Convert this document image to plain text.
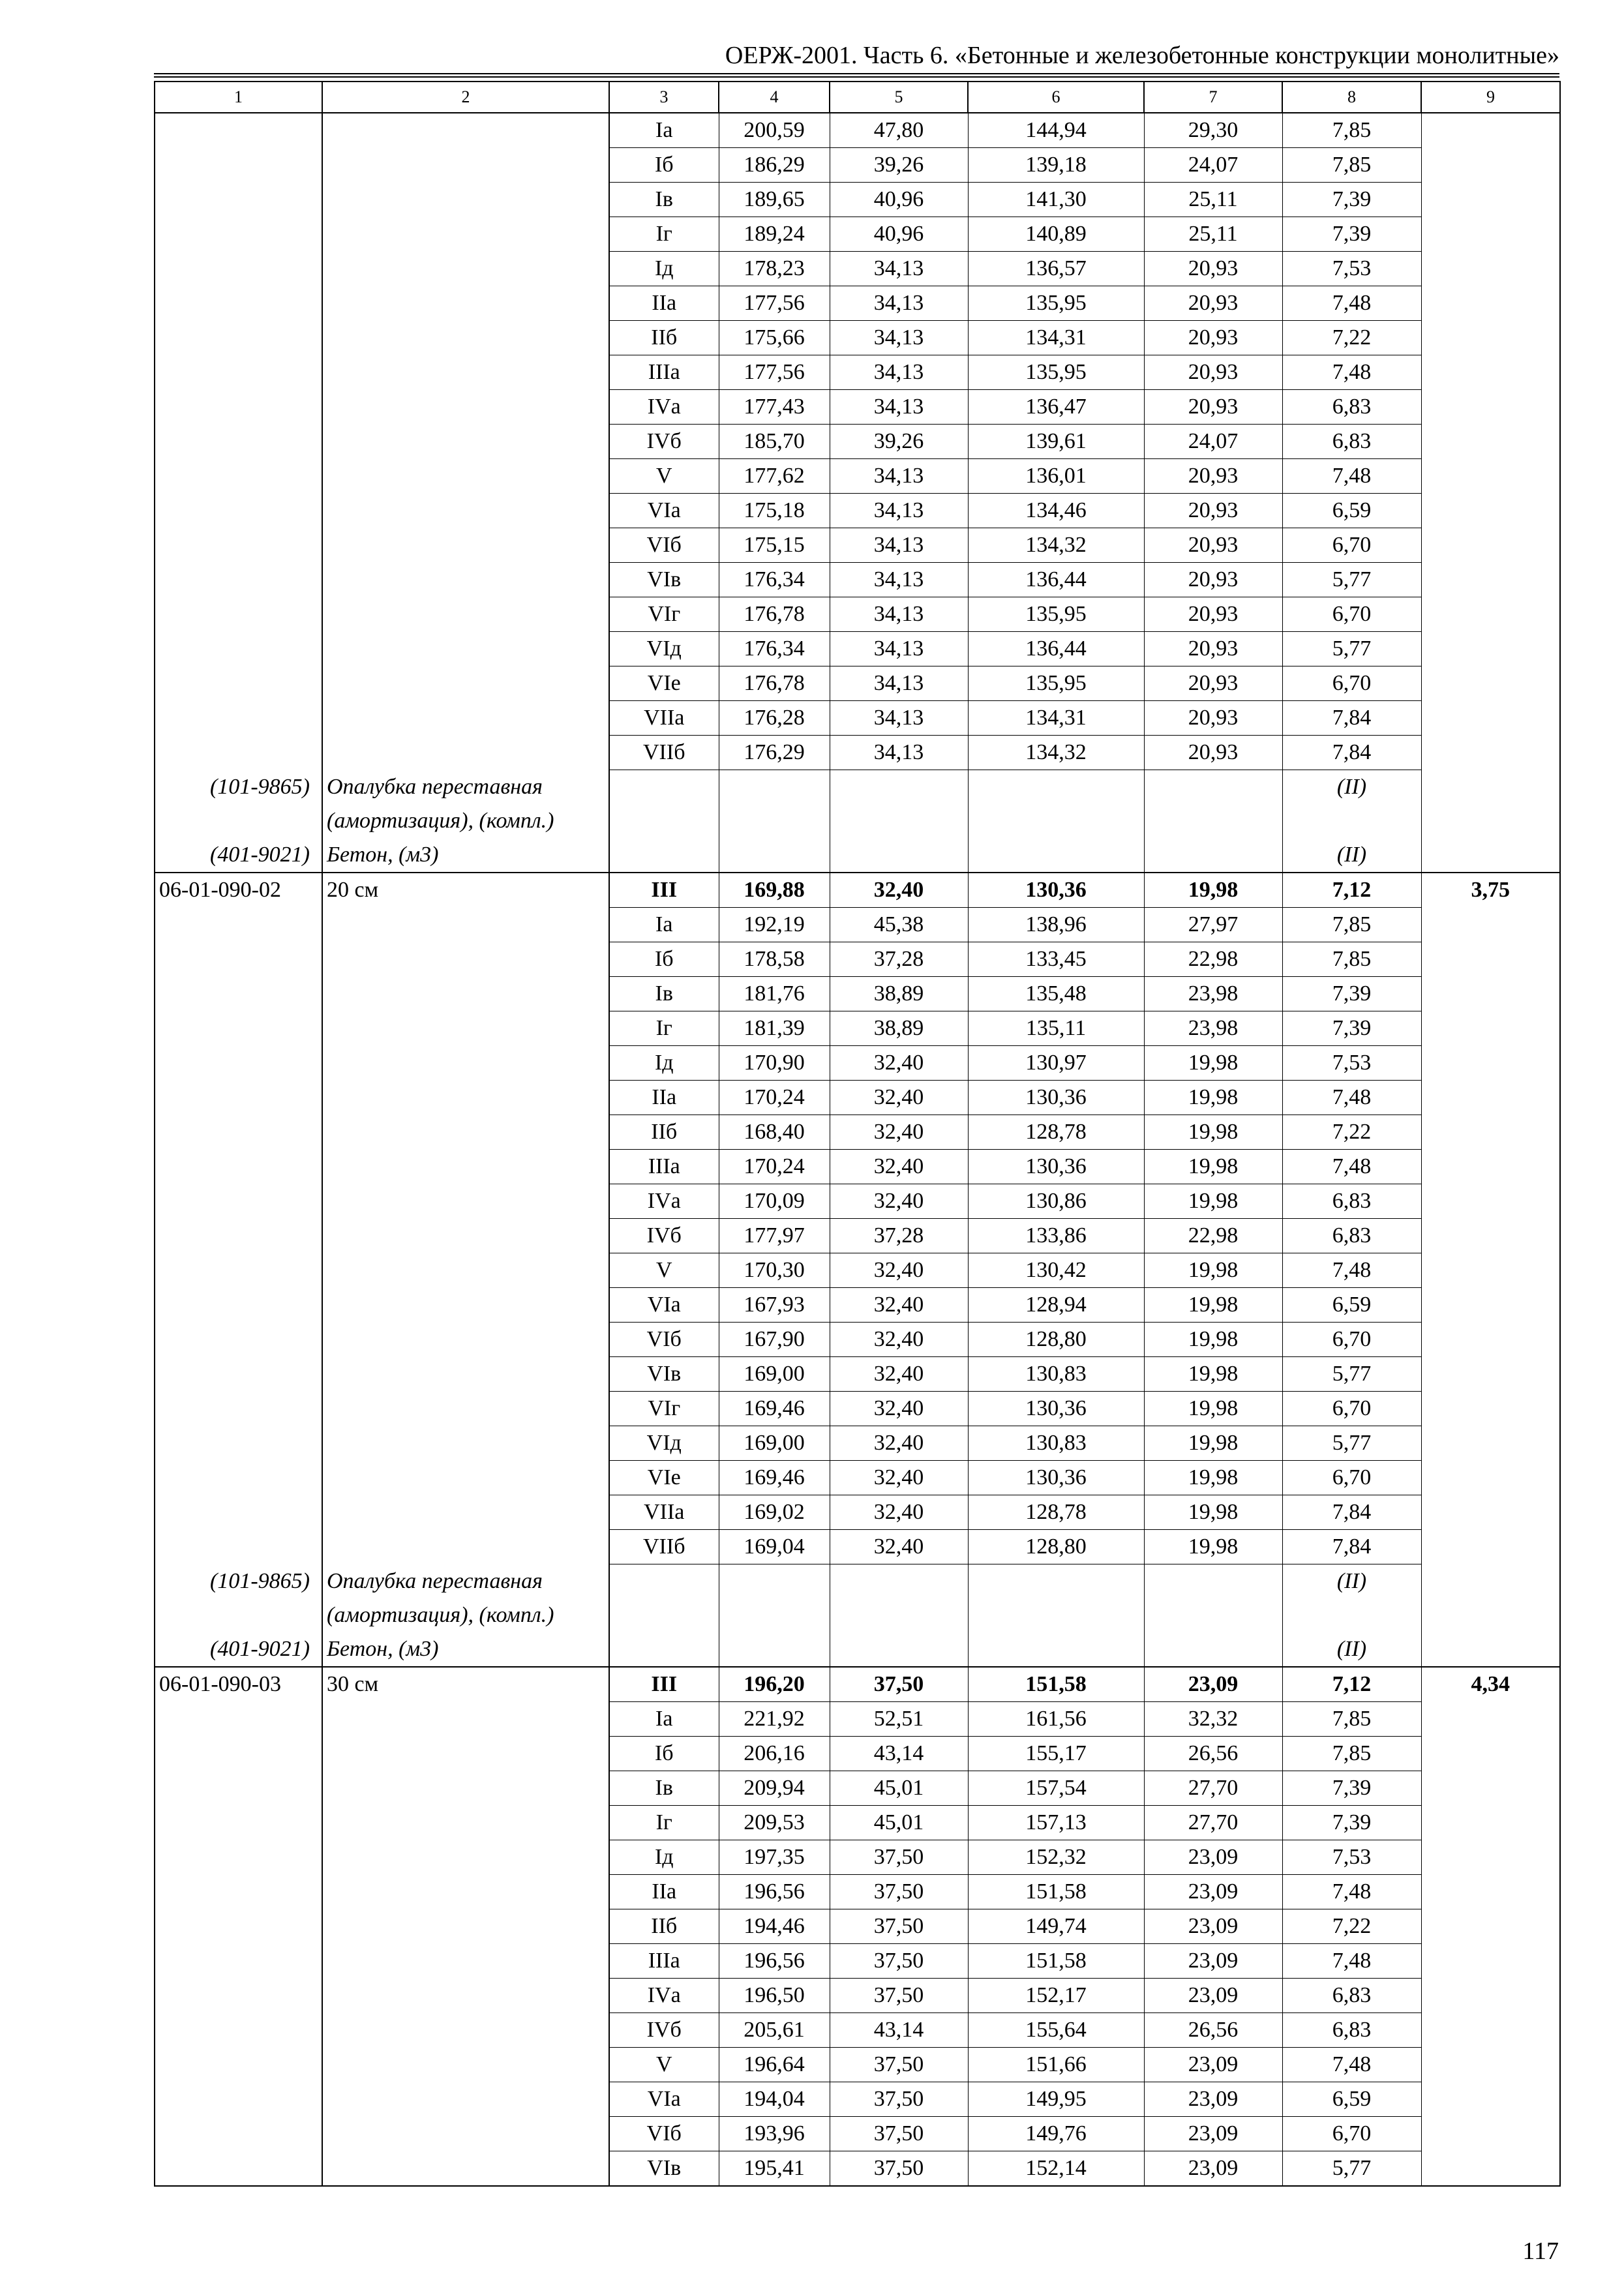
ОЕРЖ-2001. Часть 6. «Бетонные и железобетонные конструкции монолитные»
1	2	3	4	5	6	7	8	9
		Iа	200,59	47,80	144,94	29,30	7,85	
		Iб	186,29	39,26	139,18	24,07	7,85	
		Iв	189,65	40,96	141,30	25,11	7,39	
		Iг	189,24	40,96	140,89	25,11	7,39	
		Iд	178,23	34,13	136,57	20,93	7,53	
		IIа	177,56	34,13	135,95	20,93	7,48	
		IIб	175,66	34,13	134,31	20,93	7,22	
		IIIа	177,56	34,13	135,95	20,93	7,48	
		IVа	177,43	34,13	136,47	20,93	6,83	
		IVб	185,70	39,26	139,61	24,07	6,83	
		V	177,62	34,13	136,01	20,93	7,48	
		VIа	175,18	34,13	134,46	20,93	6,59	
		VIб	175,15	34,13	134,32	20,93	6,70	
		VIв	176,34	34,13	136,44	20,93	5,77	
		VIг	176,78	34,13	135,95	20,93	6,70	
		VIд	176,34	34,13	136,44	20,93	5,77	
		VIе	176,78	34,13	135,95	20,93	6,70	
		VIIа	176,28	34,13	134,31	20,93	7,84	
		VIIб	176,29	34,13	134,32	20,93	7,84	
(101-9865)	Опалубка переставная						(II)	
	(амортизация), (компл.)							
(401-9021)	Бетон, (м3)						(II)	
06-01-090-02	20 см	III	169,88	32,40	130,36	19,98	7,12	3,75
		Iа	192,19	45,38	138,96	27,97	7,85	
		Iб	178,58	37,28	133,45	22,98	7,85	
		Iв	181,76	38,89	135,48	23,98	7,39	
		Iг	181,39	38,89	135,11	23,98	7,39	
		Iд	170,90	32,40	130,97	19,98	7,53	
		IIа	170,24	32,40	130,36	19,98	7,48	
		IIб	168,40	32,40	128,78	19,98	7,22	
		IIIа	170,24	32,40	130,36	19,98	7,48	
		IVа	170,09	32,40	130,86	19,98	6,83	
		IVб	177,97	37,28	133,86	22,98	6,83	
		V	170,30	32,40	130,42	19,98	7,48	
		VIа	167,93	32,40	128,94	19,98	6,59	
		VIб	167,90	32,40	128,80	19,98	6,70	
		VIв	169,00	32,40	130,83	19,98	5,77	
		VIг	169,46	32,40	130,36	19,98	6,70	
		VIд	169,00	32,40	130,83	19,98	5,77	
		VIе	169,46	32,40	130,36	19,98	6,70	
		VIIа	169,02	32,40	128,78	19,98	7,84	
		VIIб	169,04	32,40	128,80	19,98	7,84	
(101-9865)	Опалубка переставная						(II)	
	(амортизация), (компл.)							
(401-9021)	Бетон, (м3)						(II)	
06-01-090-03	30 см	III	196,20	37,50	151,58	23,09	7,12	4,34
		Iа	221,92	52,51	161,56	32,32	7,85	
		Iб	206,16	43,14	155,17	26,56	7,85	
		Iв	209,94	45,01	157,54	27,70	7,39	
		Iг	209,53	45,01	157,13	27,70	7,39	
		Iд	197,35	37,50	152,32	23,09	7,53	
		IIа	196,56	37,50	151,58	23,09	7,48	
		IIб	194,46	37,50	149,74	23,09	7,22	
		IIIа	196,56	37,50	151,58	23,09	7,48	
		IVа	196,50	37,50	152,17	23,09	6,83	
		IVб	205,61	43,14	155,64	26,56	6,83	
		V	196,64	37,50	151,66	23,09	7,48	
		VIа	194,04	37,50	149,95	23,09	6,59	
		VIб	193,96	37,50	149,76	23,09	6,70	
		VIв	195,41	37,50	152,14	23,09	5,77	
117
